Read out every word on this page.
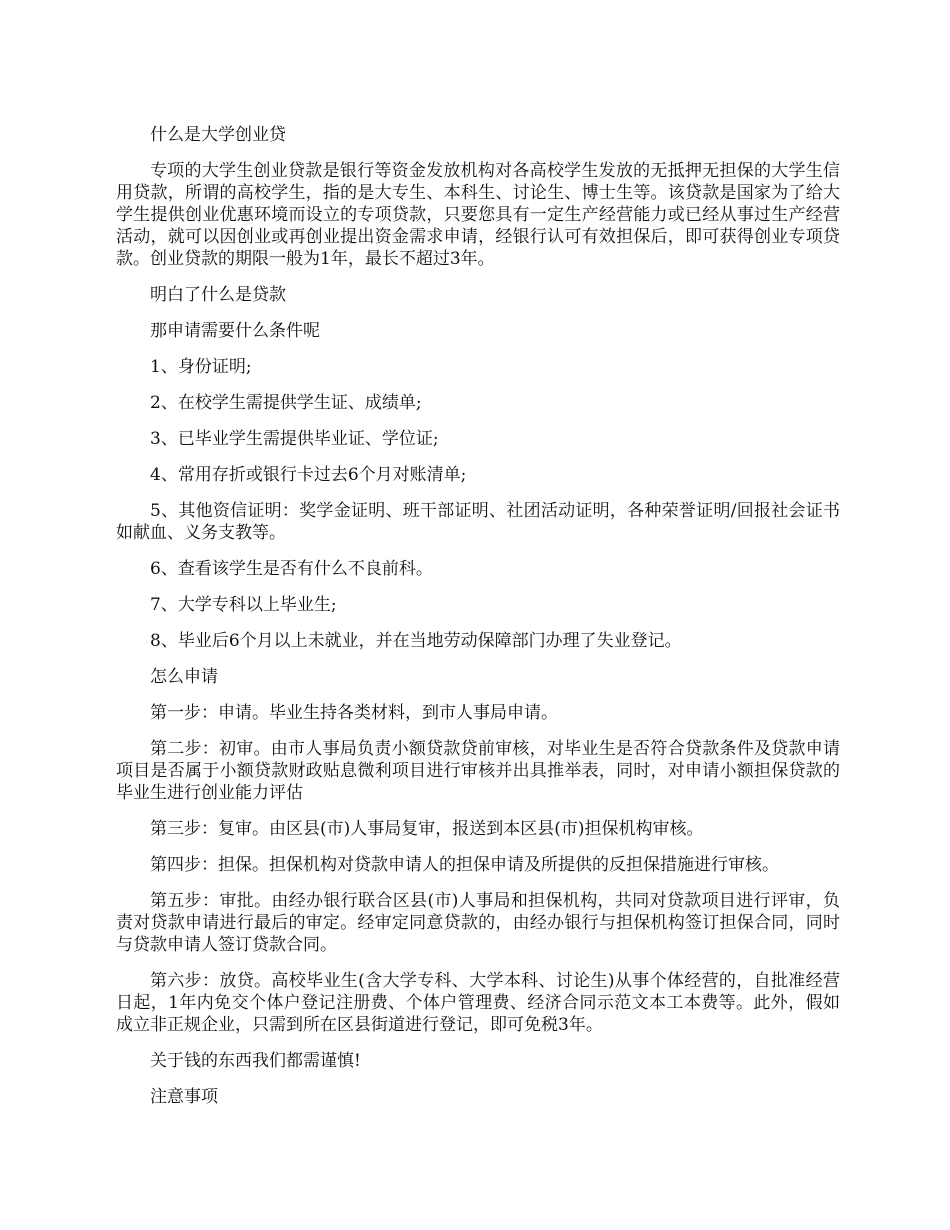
什么是大学创业贷

专项的大学生创业贷款是银行等资金发放机构对各高校学生发放的无抵押无担保的大学生信用贷款，所谓的高校学生，指的是大专生、本科生、讨论生、博士生等。该贷款是国家为了给大学生提供创业优惠环境而设立的专项贷款，只要您具有一定生产经营能力或已经从事过生产经营活动，就可以因创业或再创业提出资金需求申请，经银行认可有效担保后，即可获得创业专项贷款。创业贷款的期限一般为1年，最长不超过3年。

明白了什么是贷款

那申请需要什么条件呢

1、身份证明;

2、在校学生需提供学生证、成绩单;

3、已毕业学生需提供毕业证、学位证;

4、常用存折或银行卡过去6个月对账清单;

5、其他资信证明：奖学金证明、班干部证明、社团活动证明，各种荣誉证明/回报社会证书如献血、义务支教等。

6、查看该学生是否有什么不良前科。

7、大学专科以上毕业生;

8、毕业后6个月以上未就业，并在当地劳动保障部门办理了失业登记。

怎么申请

第一步：申请。毕业生持各类材料，到市人事局申请。

第二步：初审。由市人事局负责小额贷款贷前审核，对毕业生是否符合贷款条件及贷款申请项目是否属于小额贷款财政贴息微利项目进行审核并出具推举表，同时，对申请小额担保贷款的毕业生进行创业能力评估

第三步：复审。由区县(市)人事局复审，报送到本区县(市)担保机构审核。

第四步：担保。担保机构对贷款申请人的担保申请及所提供的反担保措施进行审核。

第五步：审批。由经办银行联合区县(市)人事局和担保机构，共同对贷款项目进行评审，负责对贷款申请进行最后的审定。经审定同意贷款的，由经办银行与担保机构签订担保合同，同时与贷款申请人签订贷款合同。

第六步：放贷。高校毕业生(含大学专科、大学本科、讨论生)从事个体经营的，自批准经营日起，1年内免交个体户登记注册费、个体户管理费、经济合同示范文本工本费等。此外，假如成立非正规企业，只需到所在区县街道进行登记，即可免税3年。

关于钱的东西我们都需谨慎!

注意事项
